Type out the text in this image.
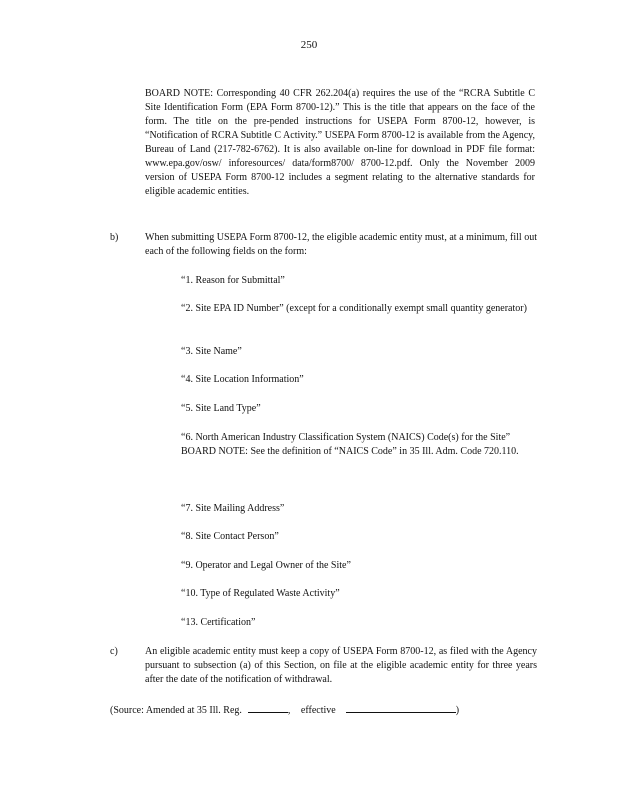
250
BOARD NOTE: Corresponding 40 CFR 262.204(a) requires the use of the “RCRA Subtitle C Site Identification Form (EPA Form 8700-12).” This is the title that appears on the face of the form. The title on the pre-pended instructions for USEPA Form 8700-12, however, is “Notification of RCRA Subtitle C Activity.” USEPA Form 8700-12 is available from the Agency, Bureau of Land (217-782-6762). It is also available on-line for download in PDF file format: www.epa.gov/osw/ inforesources/ data/form8700/ 8700-12.pdf. Only the November 2009 version of USEPA Form 8700-12 includes a segment relating to the alternative standards for eligible academic entities.
b)	When submitting USEPA Form 8700-12, the eligible academic entity must, at a minimum, fill out each of the following fields on the form:

“1. Reason for Submittal”

“2. Site EPA ID Number” (except for a conditionally exempt small quantity generator)

“3. Site Name”

“4. Site Location Information”

“5. Site Land Type”

“6. North American Industry Classification System (NAICS) Code(s) for the Site”

BOARD NOTE: See the definition of “NAICS Code” in 35 Ill. Adm. Code 720.110.

“7. Site Mailing Address”

“8. Site Contact Person”

“9. Operator and Legal Owner of the Site”

“10. Type of Regulated Waste Activity”

“13. Certification”

c)	An eligible academic entity must keep a copy of USEPA Form 8700-12, as filed with the Agency pursuant to subsection (a) of this Section, on file at the eligible academic entity for three years after the date of the notification of withdrawal.
(Source: Amended at 35 Ill. Reg.	, effective	)
